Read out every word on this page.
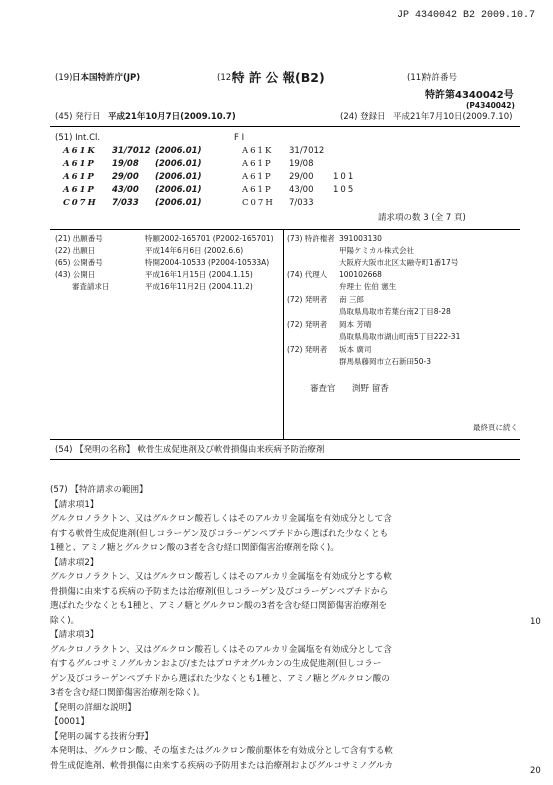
JP 4340042 B2 2009.10.7
(19) 日本国特許庁(JP)	(12)
特 許 公 報(B2)	(11)
特許番号
特許第4340042号
(P4340042)
(45) 発行日 平成21年10月7日(2009.10.7)	(24) 登録日 平成21年7月10日(2009.7.10)
(51) Int.Cl.	F I
A61K 31/7012 (2006.01)	A61K 31/7012
A61P 19/08 (2006.01)	A61P 19/08
A61P 29/00 (2006.01)	A61P 29/00 101
A61P 43/00 (2006.01)	A61P 43/00 105
C07H 7/033 (2006.01)	C07H 7/033
請求項の数 3 (全 7 頁)
(21) 出願番号	特願2002-165701 (P2002-165701)
(22) 出願日	平成14年6月6日 (2002.6.6)
(65) 公開番号	特開2004-10533 (P2004-10533A)
(43) 公開日	平成16年1月15日 (2004.1.15)
審査請求日	平成16年11月2日 (2004.11.2)
(73) 特許権者 391003130
甲陽ケミカル株式会社
大阪府大阪市北区太融寺町1番17号
(74) 代理人 100102668
弁理士 佐伯 憲生
(72) 発明者 南 三郎
鳥取県鳥取市若葉台南2丁目8-28
(72) 発明者 岡本 芳晴
鳥取県鳥取市湖山町南5丁目222-31
(72) 発明者 坂本 廣司
群馬県藤岡市立石新田50-3
審査官 渕野 留香
最終頁に続く
(54) 【発明の名称】 軟骨生成促進剤及び軟骨損傷由来疾病予防治療剤
(57) 【特許請求の範囲】
【請求項1】
グルクロノラクトン、又はグルクロン酸若しくはそのアルカリ金属塩を有効成分として含
有する軟骨生成促進剤(但しコラーゲン及びコラーゲンペプチドから選ばれた少なくとも
1種と、アミノ糖とグルクロン酸の3者を含む経口関節傷害治療剤を除く)。
【請求項2】
グルクロノラクトン、又はグルクロン酸若しくはそのアルカリ金属塩を有効成分とする軟
骨損傷に由来する疾病の予防または治療剤(但しコラーゲン及びコラーゲンペプチドから
選ばれた少なくとも1種と、アミノ糖とグルクロン酸の3者を含む経口関節傷害治療剤を
除く)。
【請求項3】
グルクロノラクトン、又はグルクロン酸若しくはそのアルカリ金属塩を有効成分として含
有するグルコサミノグルカンおよび/またはプロテオグルカンの生成促進剤(但しコラー
ゲン及びコラーゲンペプチドから選ばれた少なくとも1種と、アミノ糖とグルクロン酸の
3者を含む経口関節傷害治療剤を除く)。
【発明の詳細な説明】
【0001】
【発明の属する技術分野】
本発明は、グルクロン酸、その塩またはグルクロン酸前駆体を有効成分として含有する軟
骨生成促進剤、軟骨損傷に由来する疾病の予防用または治療剤およびグルコサミノグルカ
10
20
